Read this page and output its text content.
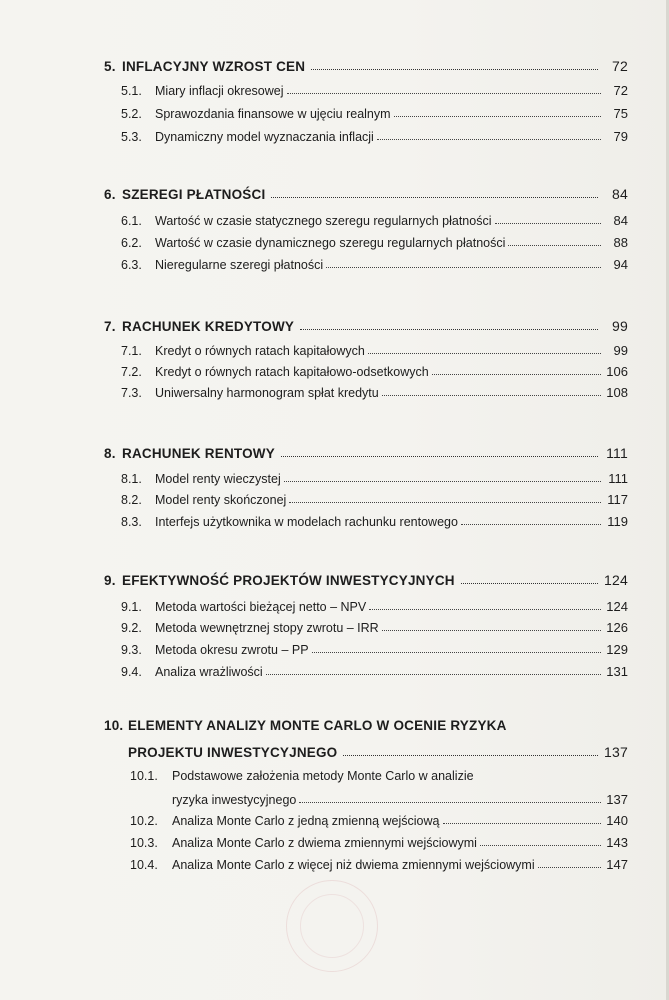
5. INFLACYJNY WZROST CEN	72
5.1.	Miary inflacji okresowej	72
5.2.	Sprawozdania finansowe w ujęciu realnym	75
5.3.	Dynamiczny model wyznaczania inflacji	79
6. SZEREGI PŁATNOŚCI	84
6.1.	Wartość w czasie statycznego szeregu regularnych płatności	84
6.2.	Wartość w czasie dynamicznego szeregu regularnych płatności	88
6.3.	Nieregularne szeregi płatności	94
7. RACHUNEK KREDYTOWY	99
7.1.	Kredyt o równych ratach kapitałowych	99
7.2.	Kredyt o równych ratach kapitałowo-odsetkowych	106
7.3.	Uniwersalny harmonogram spłat kredytu	108
8. RACHUNEK RENTOWY	111
8.1.	Model renty wieczystej	111
8.2.	Model renty skończonej	117
8.3.	Interfejs użytkownika w modelach rachunku rentowego	119
9. EFEKTYWNOŚĆ PROJEKTÓW INWESTYCYJNYCH	124
9.1.	Metoda wartości bieżącej netto – NPV	124
9.2.	Metoda wewnętrznej stopy zwrotu – IRR	126
9.3.	Metoda okresu zwrotu – PP	129
9.4.	Analiza wrażliwości	131
10. ELEMENTY ANALIZY MONTE CARLO W OCENIE RYZYKA
PROJEKTU INWESTYCYJNEGO	137
10.1. Podstawowe założenia metody Monte Carlo w analizie
ryzyka inwestycyjnego	137
10.2.	Analiza Monte Carlo z jedną zmienną wejściową	140
10.3.	Analiza Monte Carlo z dwiema zmiennymi wejściowymi	143
10.4.	Analiza Monte Carlo z więcej niż dwiema zmiennymi wejściowymi	147
